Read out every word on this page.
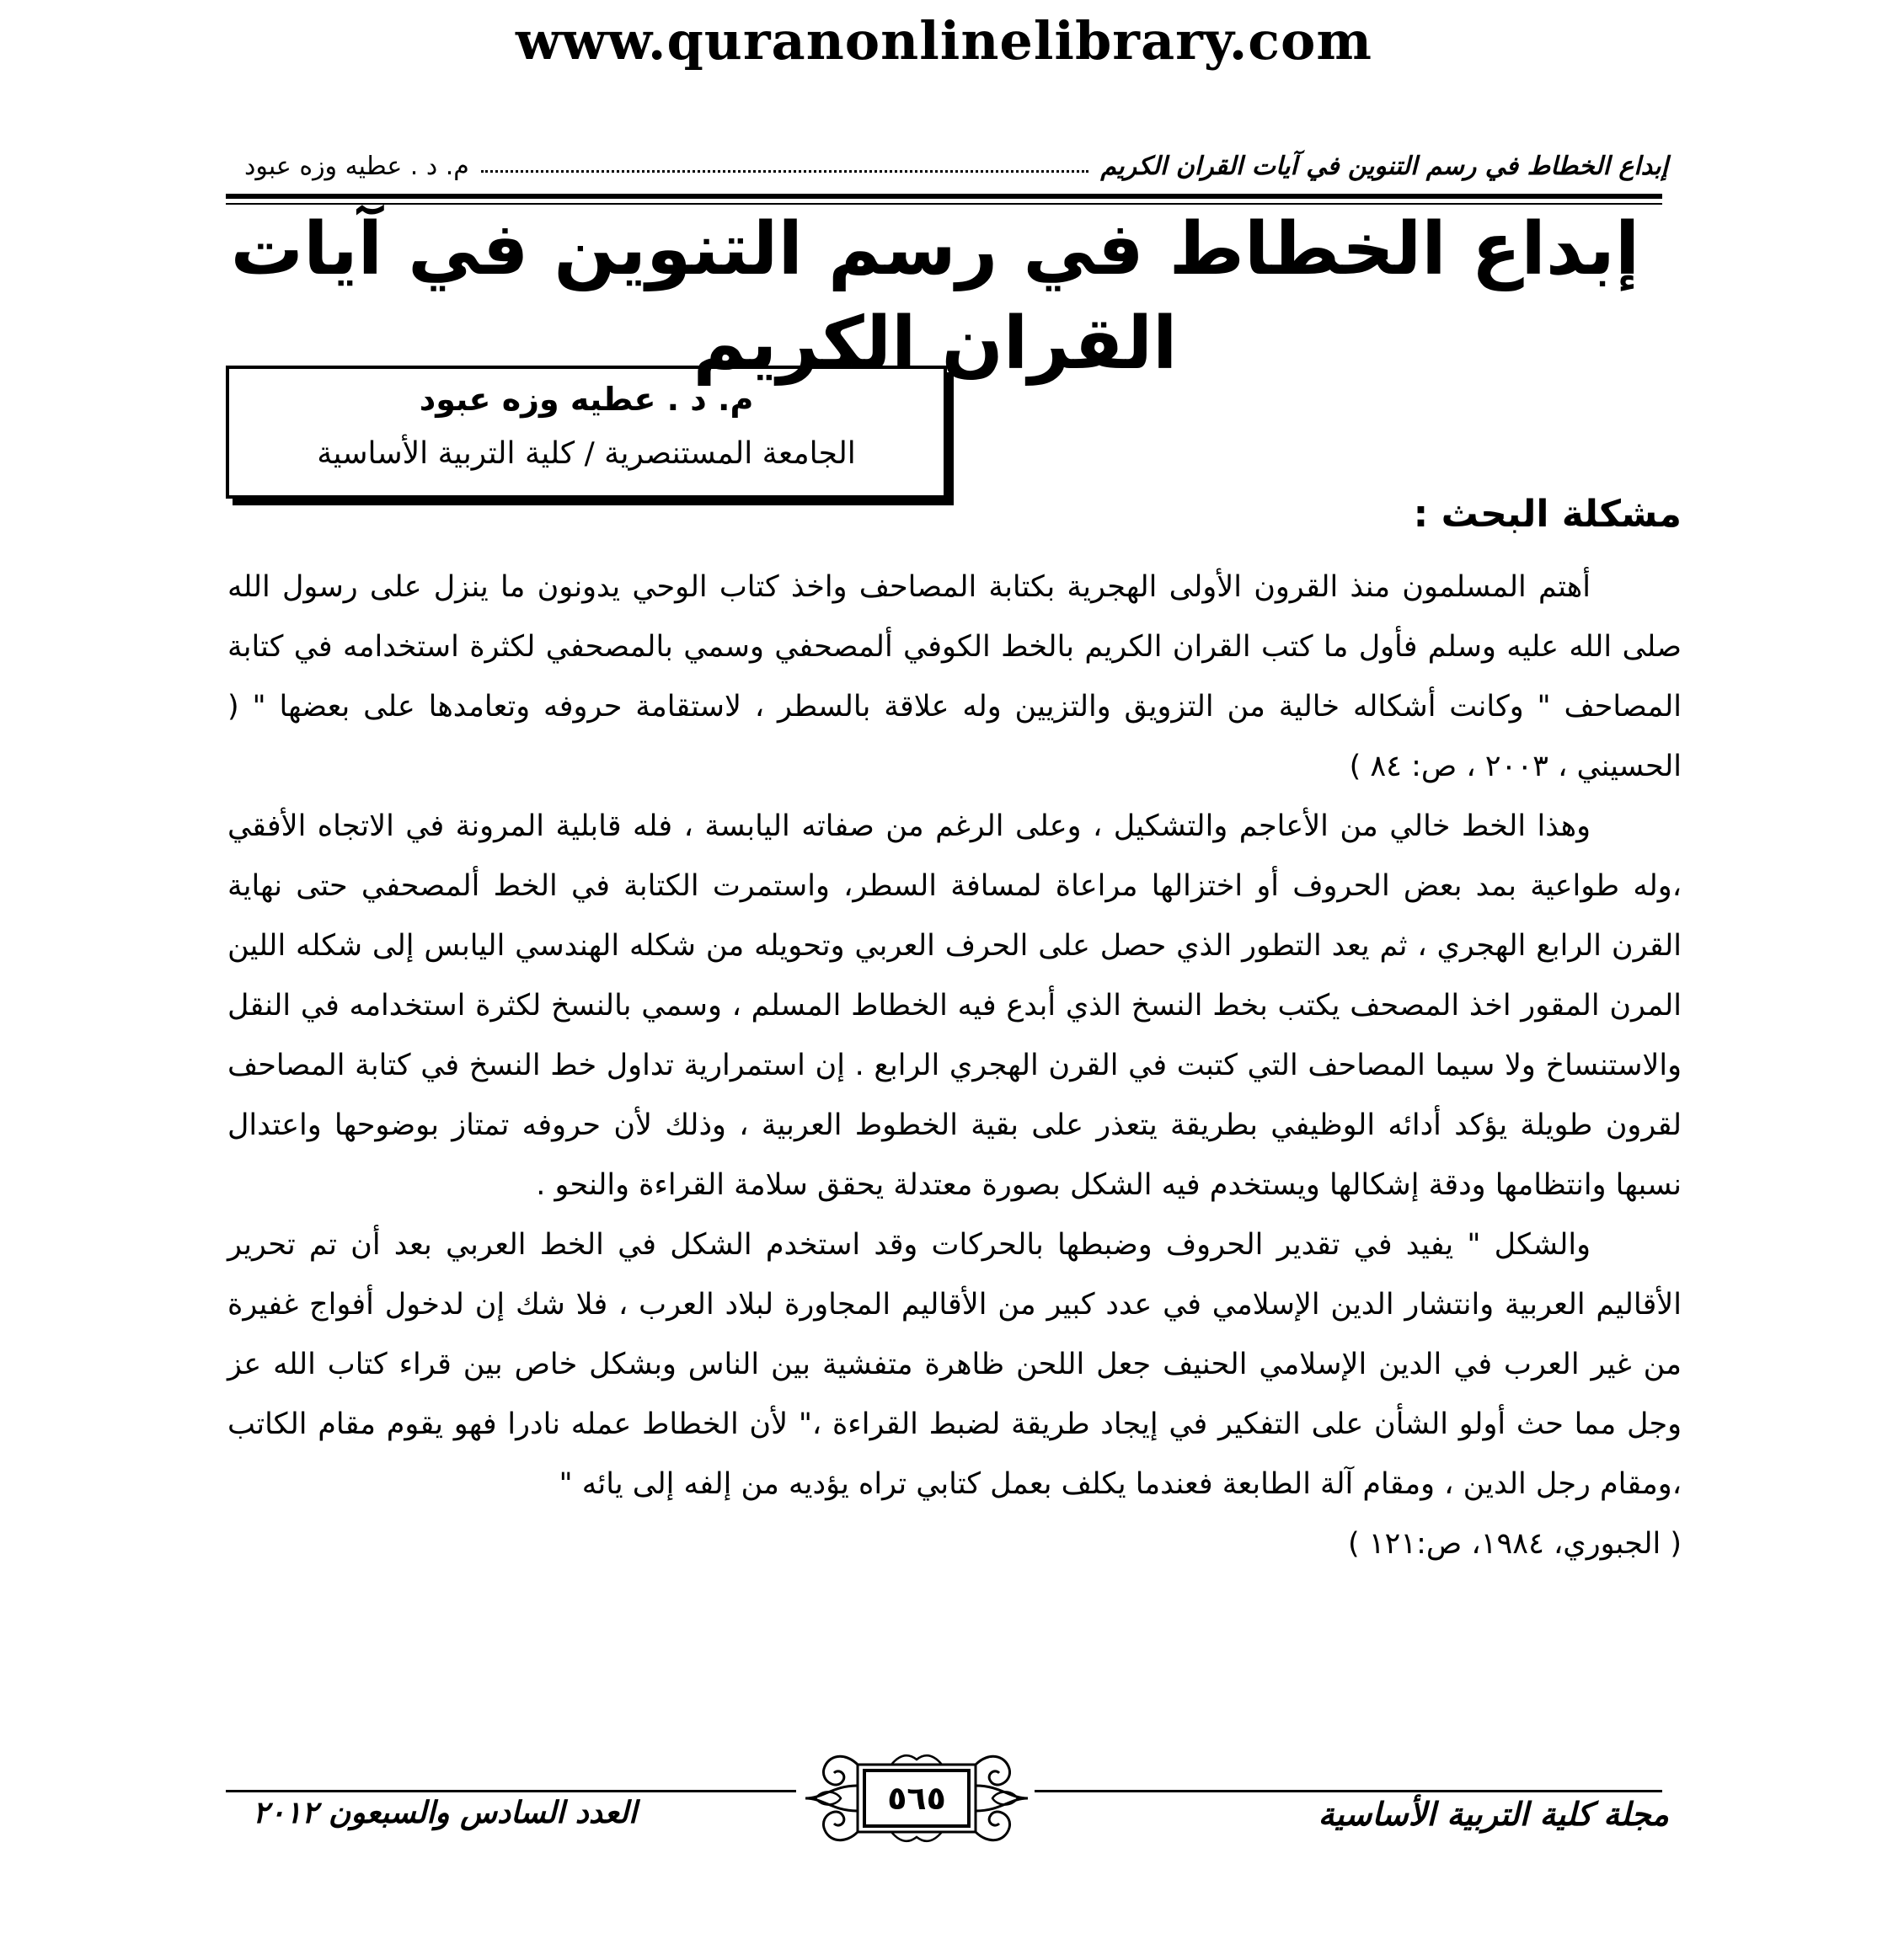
www.quranonlinelibrary.com
إبداع الخطاط في رسم التنوين في آيات القران الكريم
م. د . عطيه وزه عبود
إبداع الخطاط في رسم التنوين في آيات القران الكريم
م. د . عطيه وزه عبود
الجامعة المستنصرية / كلية التربية الأساسية
مشكلة البحث :

أهتم المسلمون منذ القرون الأولى الهجرية بكتابة المصاحف واخذ كتاب الوحي يدونون ما ينزل على رسول الله صلى الله عليه وسلم فأول ما كتب القران الكريم بالخط الكوفي ألمصحفي وسمي بالمصحفي لكثرة استخدامه في كتابة المصاحف " وكانت أشكاله خالية من التزويق والتزيين وله علاقة بالسطر ، لاستقامة حروفه وتعامدها على بعضها " ( الحسيني ، ٢٠٠٣ ، ص: ٨٤ )

وهذا الخط خالي من الأعاجم والتشكيل ، وعلى الرغم من صفاته اليابسة ، فله قابلية المرونة في الاتجاه الأفقي ،وله طواعية بمد بعض الحروف أو اختزالها مراعاة لمسافة السطر، واستمرت الكتابة في الخط ألمصحفي حتى نهاية القرن الرابع الهجري ، ثم يعد التطور الذي حصل على الحرف العربي وتحويله من شكله الهندسي اليابس إلى شكله اللين المرن المقور اخذ المصحف يكتب بخط النسخ الذي أبدع فيه الخطاط المسلم ، وسمي بالنسخ لكثرة استخدامه في النقل والاستنساخ ولا سيما المصاحف التي كتبت في القرن الهجري الرابع . إن استمرارية تداول خط النسخ في كتابة المصاحف لقرون طويلة يؤكد أدائه الوظيفي بطريقة يتعذر على بقية الخطوط العربية ، وذلك لأن حروفه تمتاز بوضوحها واعتدال نسبها وانتظامها ودقة إشكالها ويستخدم فيه الشكل بصورة معتدلة يحقق سلامة القراءة والنحو .

والشكل " يفيد في تقدير الحروف وضبطها بالحركات وقد استخدم الشكل في الخط العربي بعد أن تم تحرير الأقاليم العربية وانتشار الدين الإسلامي في عدد كبير من الأقاليم المجاورة لبلاد العرب ، فلا شك إن لدخول أفواج غفيرة من غير العرب في الدين الإسلامي الحنيف جعل اللحن ظاهرة متفشية بين الناس وبشكل خاص بين قراء كتاب الله عز وجل مما حث أولو الشأن على التفكير في إيجاد طريقة لضبط القراءة ،" لأن الخطاط عمله نادرا فهو يقوم مقام الكاتب ،ومقام رجل الدين ، ومقام آلة الطابعة فعندما يكلف بعمل كتابي تراه يؤديه من إلفه إلى يائه "

( الجبوري، ١٩٨٤، ص:١٢١ )

٥٦٥	مجلة كلية التربية الأساسية
العدد السادس والسبعون ٢٠١٢
